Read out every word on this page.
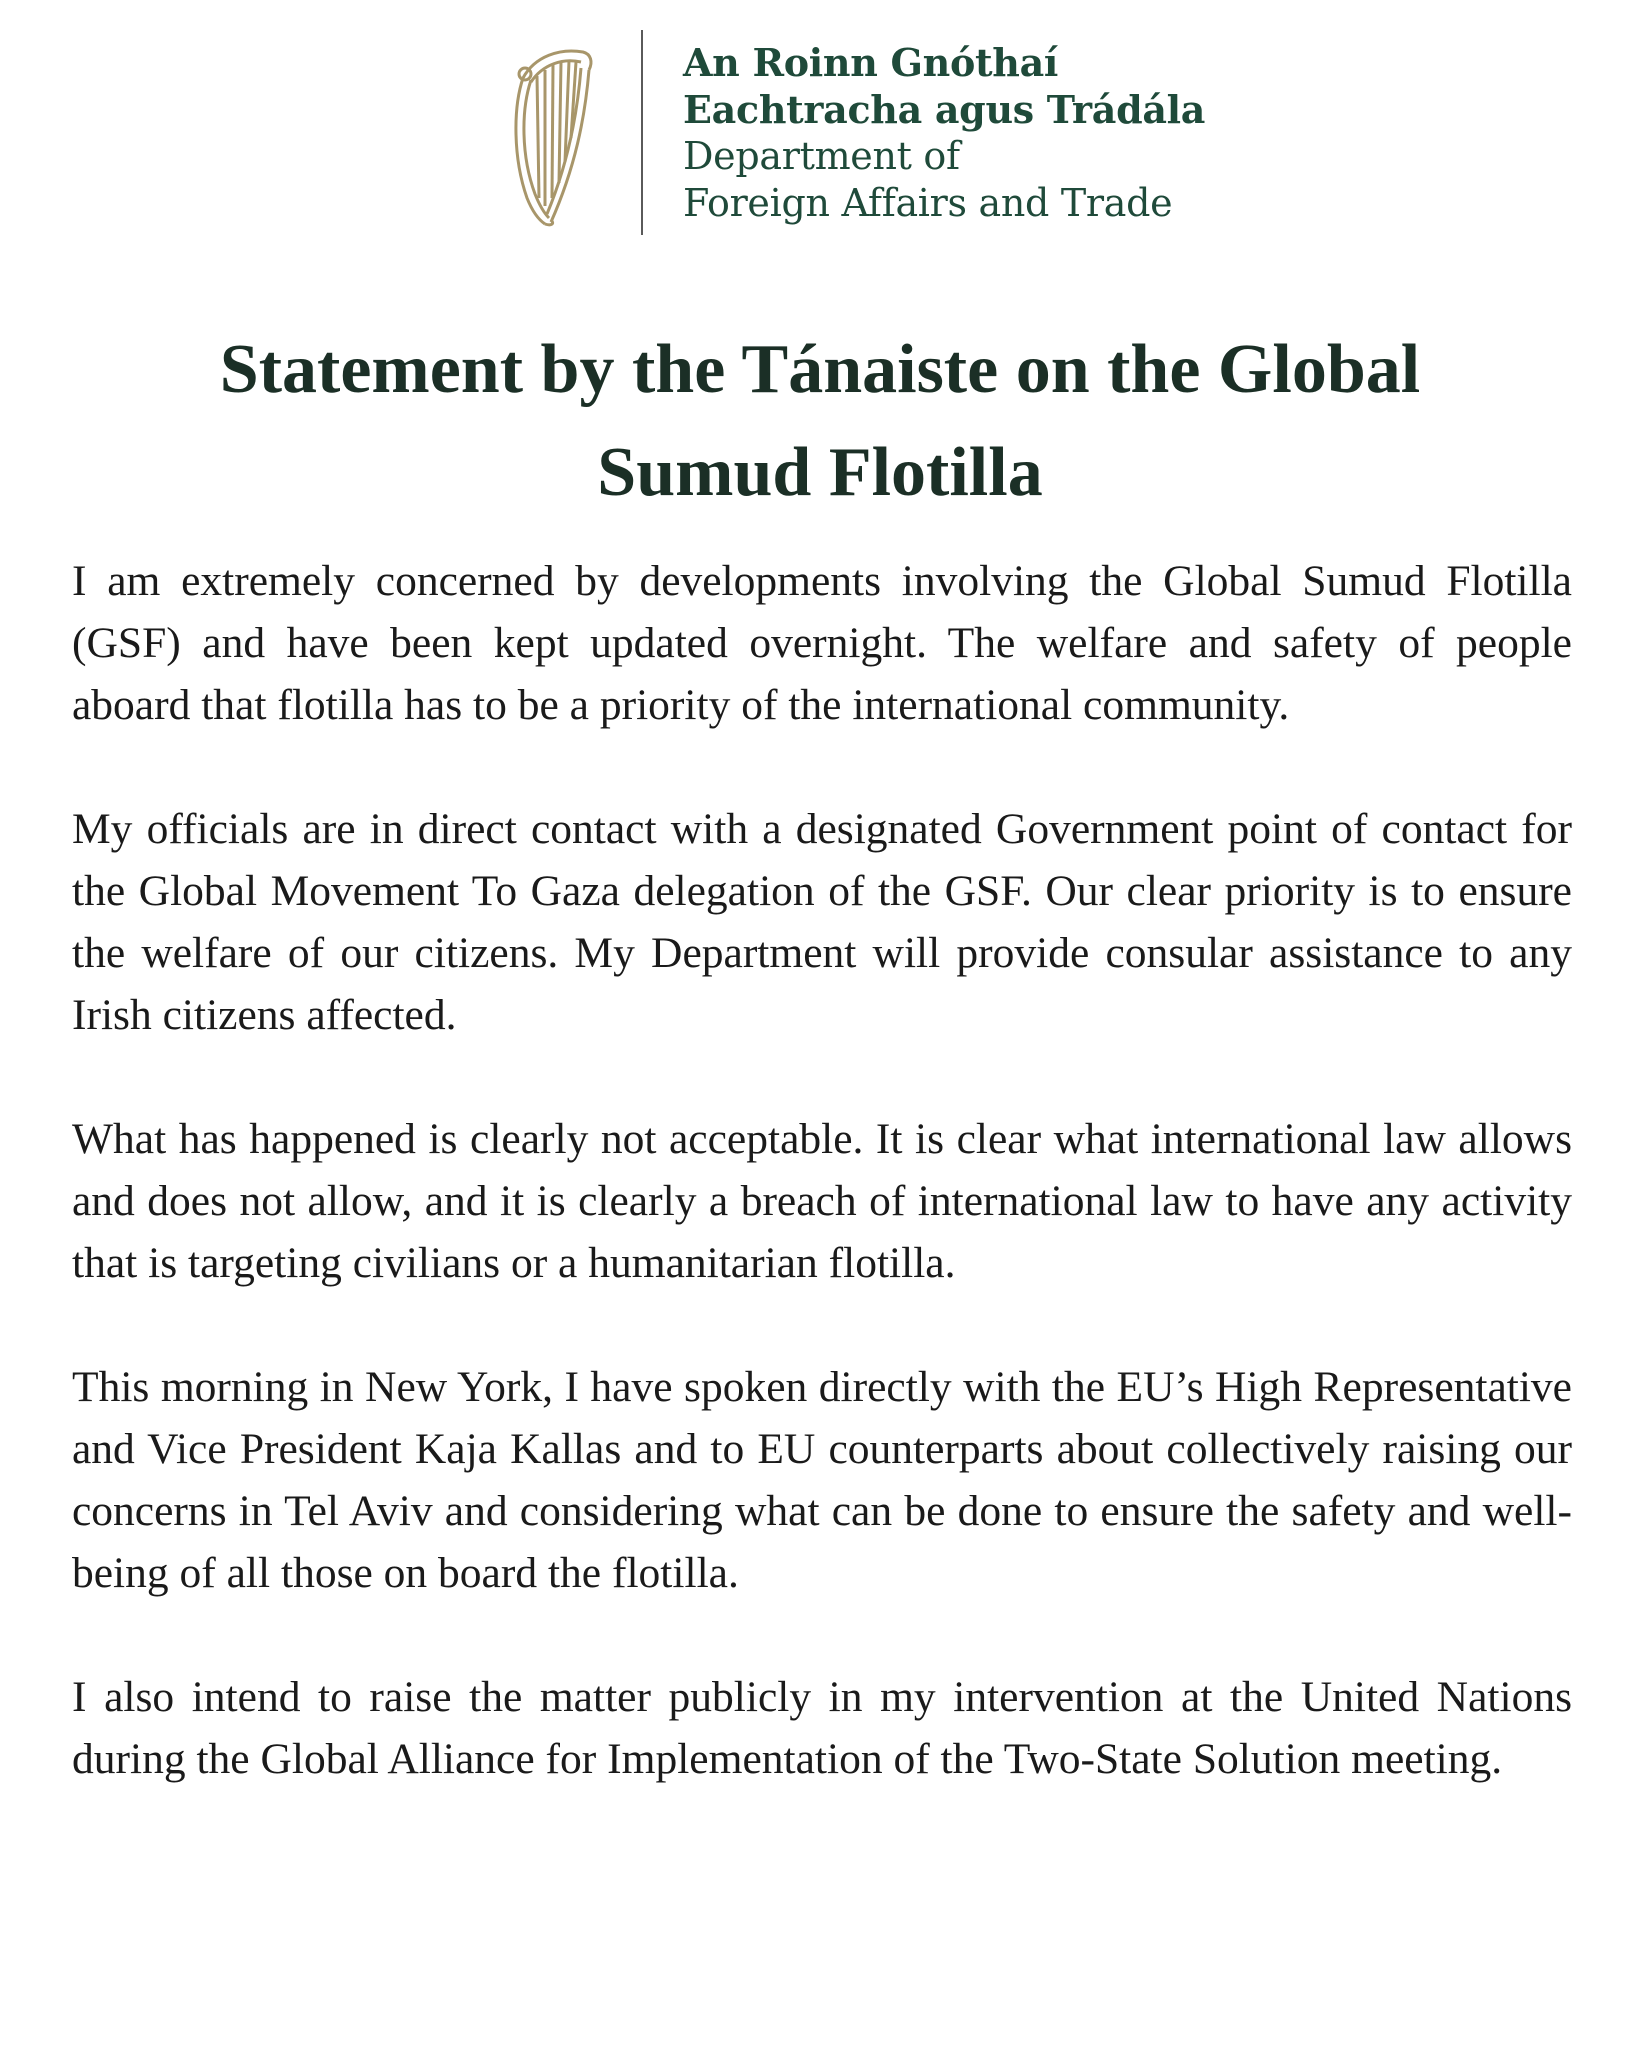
An Roinn Gnóthaí
Eachtracha agus Trádála
Department of
Foreign Affairs and Trade
Statement by the Tánaiste on the Global
Sumud Flotilla

I am extremely concerned by developments involving the Global Sumud Flotilla (GSF) and have been kept updated overnight. The welfare and safety of people aboard that flotilla has to be a priority of the international community.

My officials are in direct contact with a designated Government point of contact for the Global Movement To Gaza delegation of the GSF. Our clear priority is to ensure the welfare of our citizens. My Department will provide consular assistance to any Irish citizens affected.

What has happened is clearly not acceptable. It is clear what international law allows and does not allow, and it is clearly a breach of international law to have any activity that is targeting civilians or a humanitarian flotilla.

This morning in New York, I have spoken directly with the EU’s High Representative and Vice President Kaja Kallas and to EU counterparts about collectively raising our concerns in Tel Aviv and considering what can be done to ensure the safety and well-being of all those on board the flotilla.

I also intend to raise the matter publicly in my intervention at the United Nations during the Global Alliance for Implementation of the Two-State Solution meeting.
